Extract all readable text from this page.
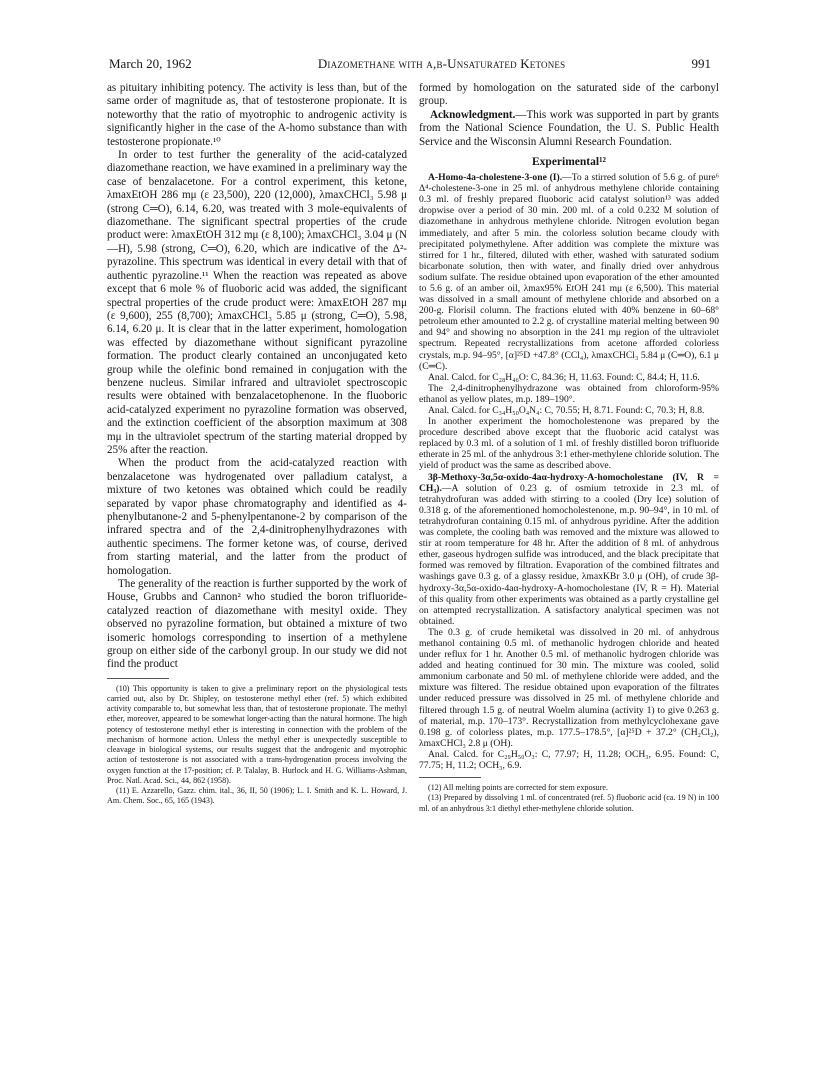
March 20, 1962	Diazomethane with α,β-Unsaturated Ketones	991

as pituitary inhibiting potency. The activity is less than, but of the same order of magnitude as, that of testosterone propionate. It is noteworthy that the ratio of myotrophic to androgenic activity is significantly higher in the case of the A-homo substance than with testosterone propionate.¹⁰

In order to test further the generality of the acid-catalyzed diazomethane reaction, we have examined in a preliminary way the case of benzalacetone. For a control experiment, this ketone, λmaxEtOH 286 mμ (ε 23,500), 220 (12,000), λmaxCHCl₃ 5.98 μ (strong C═O), 6.14, 6.20, was treated with 3 mole-equivalents of diazomethane. The significant spectral properties of the crude product were: λmaxEtOH 312 mμ (ε 8,100); λmaxCHCl₃ 3.04 μ (N—H), 5.98 (strong, C═O), 6.20, which are indicative of the Δ²-pyrazoline. This spectrum was identical in every detail with that of authentic pyrazoline.¹¹ When the reaction was repeated as above except that 6 mole % of fluoboric acid was added, the significant spectral properties of the crude product were: λmaxEtOH 287 mμ (ε 9,600), 255 (8,700); λmaxCHCl₃ 5.85 μ (strong, C═O), 5.98, 6.14, 6.20 μ. It is clear that in the latter experiment, homologation was effected by diazomethane without significant pyrazoline formation. The product clearly contained an unconjugated keto group while the olefinic bond remained in conjugation with the benzene nucleus. Similar infrared and ultraviolet spectroscopic results were obtained with benzalacetophenone. In the fluoboric acid-catalyzed experiment no pyrazoline formation was observed, and the extinction coefficient of the absorption maximum at 308 mμ in the ultraviolet spectrum of the starting material dropped by 25% after the reaction.

When the product from the acid-catalyzed reaction with benzalacetone was hydrogenated over palladium catalyst, a mixture of two ketones was obtained which could be readily separated by vapor phase chromatography and identified as 4-phenylbutanone-2 and 5-phenylpentanone-2 by comparison of the infrared spectra and of the 2,4-dinitrophenylhydrazones with authentic specimens. The former ketone was, of course, derived from starting material, and the latter from the product of homologation.

The generality of the reaction is further supported by the work of House, Grubbs and Cannon² who studied the boron trifluoride-catalyzed reaction of diazomethane with mesityl oxide. They observed no pyrazoline formation, but obtained a mixture of two isomeric homologs corresponding to insertion of a methylene group on either side of the carbonyl group. In our study we did not find the product

(10) This opportunity is taken to give a preliminary report on the physiological tests carried out, also by Dr. Shipley, on testosterone methyl ether (ref. 5) which exhibited activity comparable to, but somewhat less than, that of testosterone propionate. The methyl ether, moreover, appeared to be somewhat longer-acting than the natural hormone. The high potency of testosterone methyl ether is interesting in connection with the problem of the mechanism of hormone action. Unless the methyl ether is unexpectedly susceptible to cleavage in biological systems, our results suggest that the androgenic and myotrophic action of testosterone is not associated with a trans-hydrogenation process involving the oxygen function at the 17-position; cf. P. Talalay, B. Hurlock and H. G. Williams-Ashman, Proc. Natl. Acad. Sci., 44, 862 (1958).

(11) E. Azzarello, Gazz. chim. ital., 36, II, 50 (1906); L. I. Smith and K. L. Howard, J. Am. Chem. Soc., 65, 165 (1943).

formed by homologation on the saturated side of the carbonyl group.

Acknowledgment.—This work was supported in part by grants from the National Science Foundation, the U. S. Public Health Service and the Wisconsin Alumni Research Foundation.

Experimental¹²

A-Homo-4a-cholestene-3-one (I).—To a stirred solution of 5.6 g. of pure⁶ Δ⁴-cholestene-3-one in 25 ml. of anhydrous methylene chloride containing 0.3 ml. of freshly prepared fluoboric acid catalyst solution¹³ was added dropwise over a period of 30 min. 200 ml. of a cold 0.232 M solution of diazomethane in anhydrous methylene chloride. Nitrogen evolution began immediately, and after 5 min. the colorless solution became cloudy with precipitated polymethylene. After addition was complete the mixture was stirred for 1 hr., filtered, diluted with ether, washed with saturated sodium bicarbonate solution, then with water, and finally dried over anhydrous sodium sulfate. The residue obtained upon evaporation of the ether amounted to 5.6 g. of an amber oil, λmax95% EtOH 241 mμ (ε 6,500). This material was dissolved in a small amount of methylene chloride and absorbed on a 200-g. Florisil column. The fractions eluted with 40% benzene in 60–68° petroleum ether amounted to 2.2 g. of crystalline material melting between 90 and 94° and showing no absorption in the 241 mμ region of the ultraviolet spectrum. Repeated recrystallizations from acetone afforded colorless crystals, m.p. 94–95°, [α]²⁵D +47.8° (CCl₄), λmaxCHCl₃ 5.84 μ (C═O), 6.1 μ (C═C).

Anal. Calcd. for C₂₈H₄₆O: C, 84.36; H, 11.63. Found: C, 84.4; H, 11.6.

The 2,4-dinitrophenylhydrazone was obtained from chloroform-95% ethanol as yellow plates, m.p. 189–190°.

Anal. Calcd. for C₃₄H₅₀O₄N₄: C, 70.55; H, 8.71. Found: C, 70.3; H, 8.8.

In another experiment the homocholestenone was prepared by the procedure described above except that the fluoboric acid catalyst was replaced by 0.3 ml. of a solution of 1 ml. of freshly distilled boron trifluoride etherate in 25 ml. of the anhydrous 3:1 ether-methylene chloride solution. The yield of product was the same as described above.

3β-Methoxy-3α,5α-oxido-4aα-hydroxy-A-homocholestane (IV, R = CH₃).—A solution of 0.23 g. of osmium tetroxide in 2.3 ml. of tetrahydrofuran was added with stirring to a cooled (Dry Ice) solution of 0.318 g. of the aforementioned homocholestenone, m.p. 90–94°, in 10 ml. of tetrahydrofuran containing 0.15 ml. of anhydrous pyridine. After the addition was complete, the cooling bath was removed and the mixture was allowed to stir at room temperature for 48 hr. After the addition of 8 ml. of anhydrous ether, gaseous hydrogen sulfide was introduced, and the black precipitate that formed was removed by filtration. Evaporation of the combined filtrates and washings gave 0.3 g. of a glassy residue, λmaxKBr 3.0 μ (OH), of crude 3β-hydroxy-3α,5α-oxido-4aα-hydroxy-A-homocholestane (IV, R = H). Material of this quality from other experiments was obtained as a partly crystalline gel on attempted recrystallization. A satisfactory analytical specimen was not obtained.

The 0.3 g. of crude hemiketal was dissolved in 20 ml. of anhydrous methanol containing 0.5 ml. of methanolic hydrogen chloride and heated under reflux for 1 hr. Another 0.5 ml. of methanolic hydrogen chloride was added and heating continued for 30 min. The mixture was cooled, solid ammonium carbonate and 50 ml. of methylene chloride were added, and the mixture was filtered. The residue obtained upon evaporation of the filtrates under reduced pressure was dissolved in 25 ml. of methylene chloride and filtered through 1.5 g. of neutral Woelm alumina (activity 1) to give 0.263 g. of material, m.p. 170–173°. Recrystallization from methylcyclohexane gave 0.198 g. of colorless plates, m.p. 177.5–178.5°, [α]²⁵D + 37.2° (CH₂Cl₂), λmaxCHCl₃ 2.8 μ (OH).

Anal. Calcd. for C₂₉H₅₀O₃: C, 77.97; H, 11.28; OCH₃, 6.95. Found: C, 77.75; H, 11.2; OCH₃, 6.9.

(12) All melting points are corrected for stem exposure.

(13) Prepared by dissolving 1 ml. of concentrated (ref. 5) fluoboric acid (ca. 19 N) in 100 ml. of an anhydrous 3:1 diethyl ether-methylene chloride solution.
